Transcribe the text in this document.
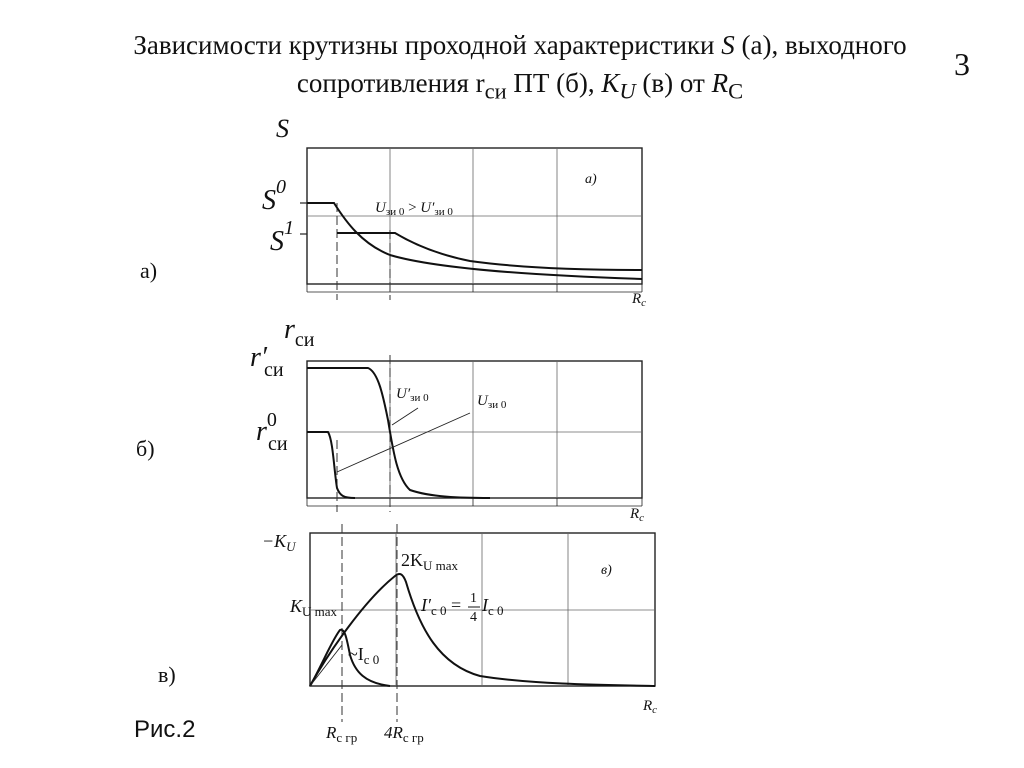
Зависимости крутизны проходной характеристики S (а), выходного
сопротивления $r_{си}$ ПТ (б), $K_U$ (в) от $R_С$
3
а)
б)
в)
Рис.2
а)
$U_{зи 0} > U'_{зи 0}$
S
$S^0$
$S^1$
$R_с$
$U'_{зи 0}$	$U_{зи 0}$
$r_{си}$
r′си
$r^0$ си
$R_с$
в)
$-K_U$
$2K_{U max}$
$K_{U max}$
$\sim I_{с 0}$
$I'_{с 0} = 1$
4
$I_{с 0}$
$R_с$
$R_{с гр}$ $4R_{с гр}$
